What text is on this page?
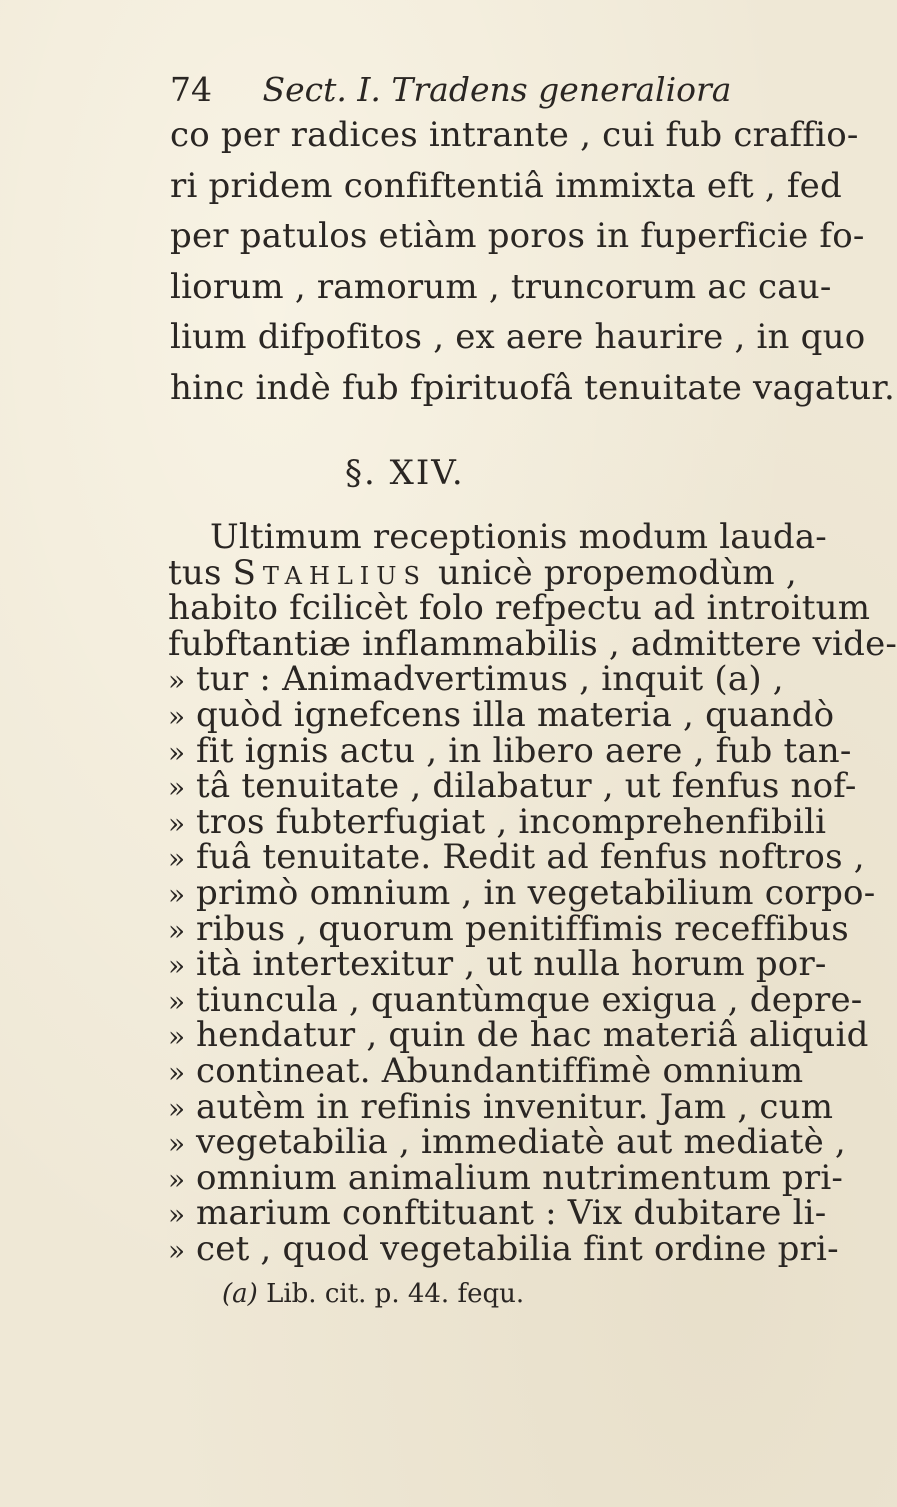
74 Sect. I. Tradens generaliora
co per radices intrante , cui fub craffio-
ri pridem confiftentiâ immixta eft , fed
per patulos etiàm poros in fuperficie fo-
liorum , ramorum , truncorum ac cau-
lium difpofitos , ex aere haurire , in quo
hinc indè fub fpirituofâ tenuitate vagatur.
§. XIV.
Ultimum receptionis modum lauda-
tus Stahlius unicè propemodùm ,
habito fcilicèt folo refpectu ad introitum
fubftantiæ inflammabilis , admittere vide-
» tur : Animadvertimus , inquit (a) ,
» quòd ignefcens illa materia , quandò
» fit ignis actu , in libero aere , fub tan-
» tâ tenuitate , dilabatur , ut fenfus nof-
» tros fubterfugiat , incomprehenfibili
» fuâ tenuitate. Redit ad fenfus noftros ,
» primò omnium , in vegetabilium corpo-
» ribus , quorum penitiffimis receffibus
» ità intertexitur , ut nulla horum por-
» tiuncula , quantùmque exigua , depre-
» hendatur , quin de hac materiâ aliquid
» contineat. Abundantiffimè omnium
» autèm in refinis invenitur. Jam , cum
» vegetabilia , immediatè aut mediatè ,
» omnium animalium nutrimentum pri-
» marium conftituant : Vix dubitare li-
» cet , quod vegetabilia fint ordine pri-
(a) Lib. cit. p. 44. fequ.
